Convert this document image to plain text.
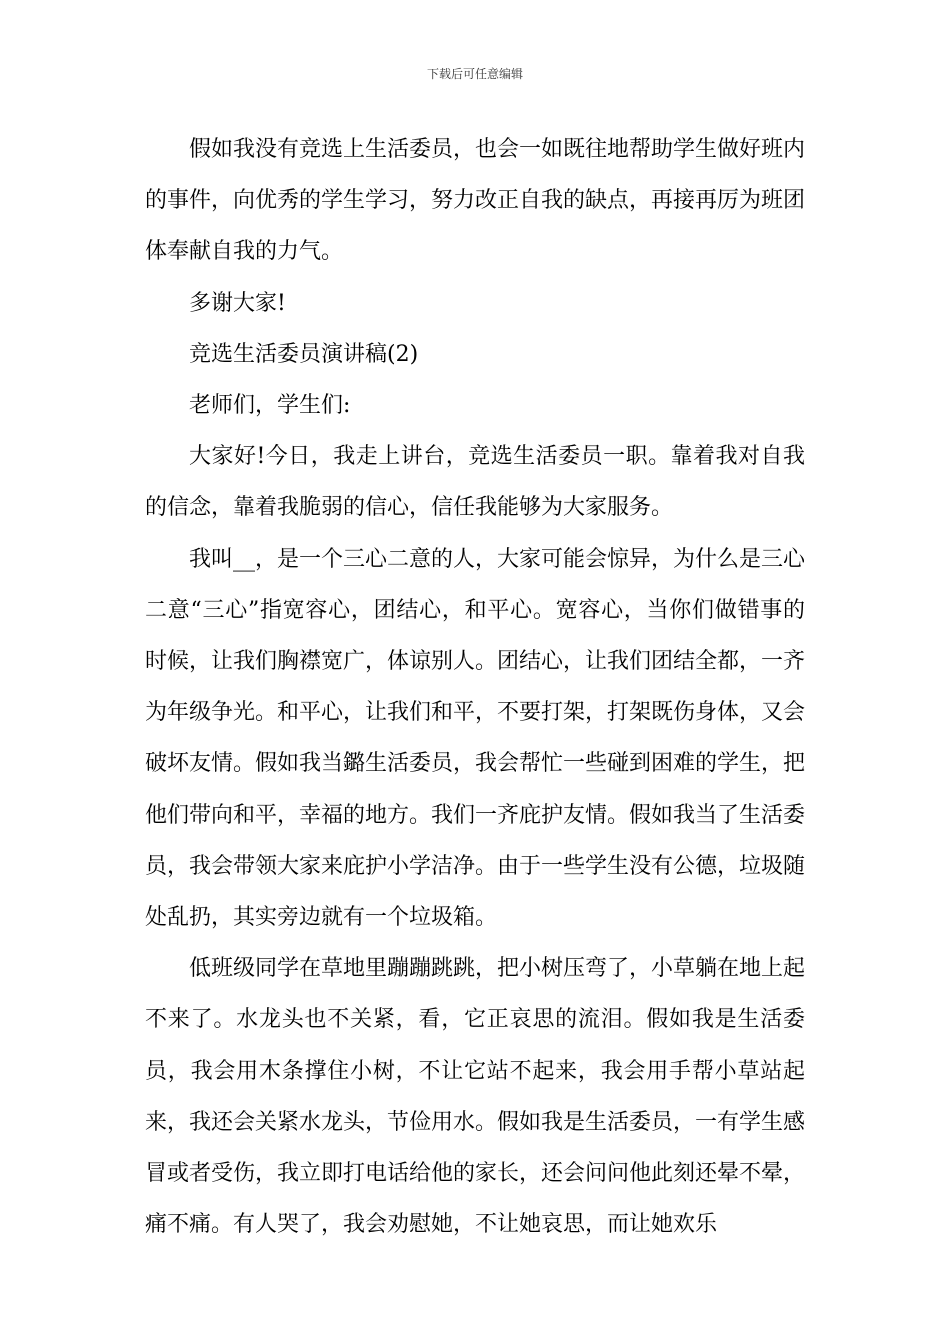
下载后可任意编辑

假如我没有竞选上生活委员，也会一如既往地帮助学生做好班内的事件，向优秀的学生学习，努力改正自我的缺点，再接再厉为班团体奉献自我的力气。

多谢大家!

竞选生活委员演讲稿(2)

老师们，学生们:

大家好!今日，我走上讲台，竞选生活委员一职。靠着我对自我的信念，靠着我脆弱的信心，信任我能够为大家服务。

我叫__，是一个三心二意的人，大家可能会惊异，为什么是三心二意“三心”指宽容心，团结心，和平心。宽容心，当你们做错事的时候，让我们胸襟宽广，体谅别人。团结心，让我们团结全都，一齐为年级争光。和平心，让我们和平，不要打架，打架既伤身体，又会破坏友情。假如我当鏴生活委员，我会帮忙一些碰到困难的学生，把他们带向和平，幸福的地方。我们一齐庇护友情。假如我当了生活委员，我会带领大家来庇护小学洁净。由于一些学生没有公德，垃圾随处乱扔，其实旁边就有一个垃圾箱。

低班级同学在草地里蹦蹦跳跳，把小树压弯了，小草躺在地上起不来了。水龙头也不关紧，看，它正哀思的流泪。假如我是生活委员，我会用木条撑住小树，不让它站不起来，我会用手帮小草站起来，我还会关紧水龙头，节俭用水。假如我是生活委员，一有学生感冒或者受伤，我立即打电话给他的家长，还会问问他此刻还晕不晕，痛不痛。有人哭了，我会劝慰她，不让她哀思，而让她欢乐
